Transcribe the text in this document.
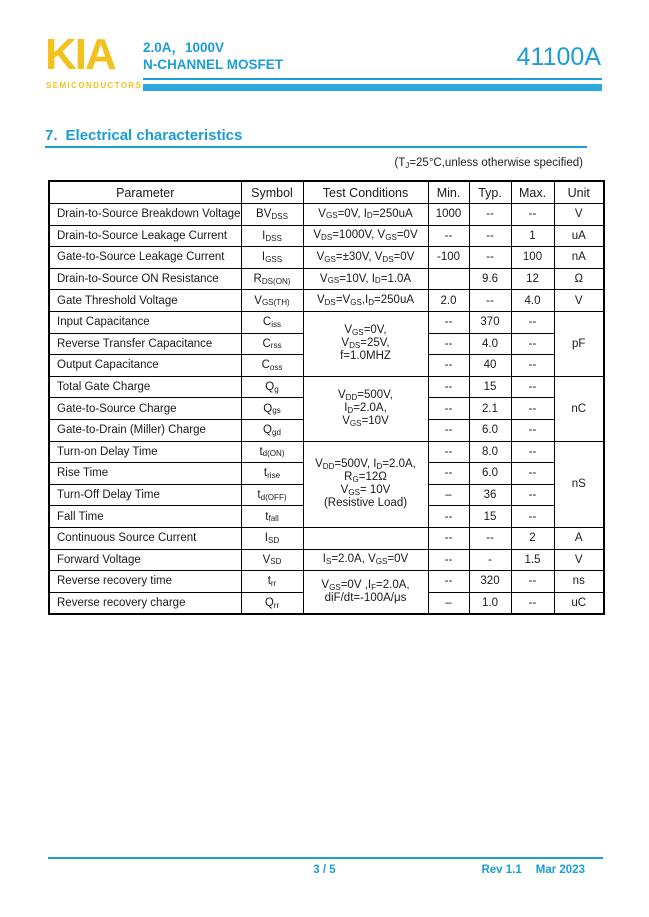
KIA
SEMICONDUCTORS
2.0A，1000V
N-CHANNEL MOSFET	41100A
7. Electrical characteristics
($T_J=25^\circ C,unless$ otherwise specified)
Parameter	Symbol	Test Conditions	Min.	Typ.	Max.	Unit
Drain-to-Source Breakdown Voltage	$BV_{DSS}$	$V_{GS}=0V$, $I_D=250uA$	1000	--	--	V
Drain-to-Source Leakage Current	$I_{DSS}$	$V_{DS}=1000V$, $V_{GS}=0V$	--	--	1	uA
Gate-to-Source Leakage Current	$I_{GSS}$	$V_{GS}=\pm 30V$, $V_{DS}=0V$	-100	--	100	nA
Drain-to-Source ON Resistance	$R_{DS(ON)}$	$V_{GS}=10V$, $I_D=1.0A$		9.6	12	Ω
Gate Threshold Voltage	$V_{GS(TH)}$	$V_{DS}=V_{GS},I_D=250uA$	2.0	--	4.0	V
Input Capacitance	$C_{iss}$	$V_{GS}=0V$,
$V_{DS}=25V$,
f=1.0MHZ	--	370	--	pF
Reverse Transfer Capacitance	$C_{rss}$		--	4.0	--	
Output Capacitance	$C_{oss}$		--	40	--	
Total Gate Charge	$Q_g$	$V_{DD}=500V$,
$I_D=2.0A$,
$V_{GS}=10V$	--	15	--	nC
Gate-to-Source Charge	$Q_{gs}$		--	2.1	--	
Gate-to-Drain (Miller) Charge	$Q_{gd}$		--	6.0	--	
Turn-on Delay Time	$t_{d(ON)}$	$V_{DD}=500V$, $I_D=2.0A$,
$R_G=12\Omega$
$V_{GS}= 10V$
(Resistive Load)	--	8.0	--	nS
Rise Time	$t_{rise}$		--	6.0	--	
Turn-Off Delay Time	$t_{d(OFF)}$		–	36	--	
Fall Time	$t_{fall}$		--	15	--	
Continuous Source Current	$I_{SD}$		--	--	2	A
Forward Voltage	$V_{SD}$	$I_S=2.0A$, $V_{GS}=0V$	--	-	1.5	V
Reverse recovery time	$t_{rr}$	$V_{GS}=0V$ $,I_F=2.0A$,
diF/dt=-100A/μs	--	320	--	ns
Reverse recovery charge	$Q_{rr}$		–	1.0	--	uC
3 / 5	Rev 1.1 Mar 2023
